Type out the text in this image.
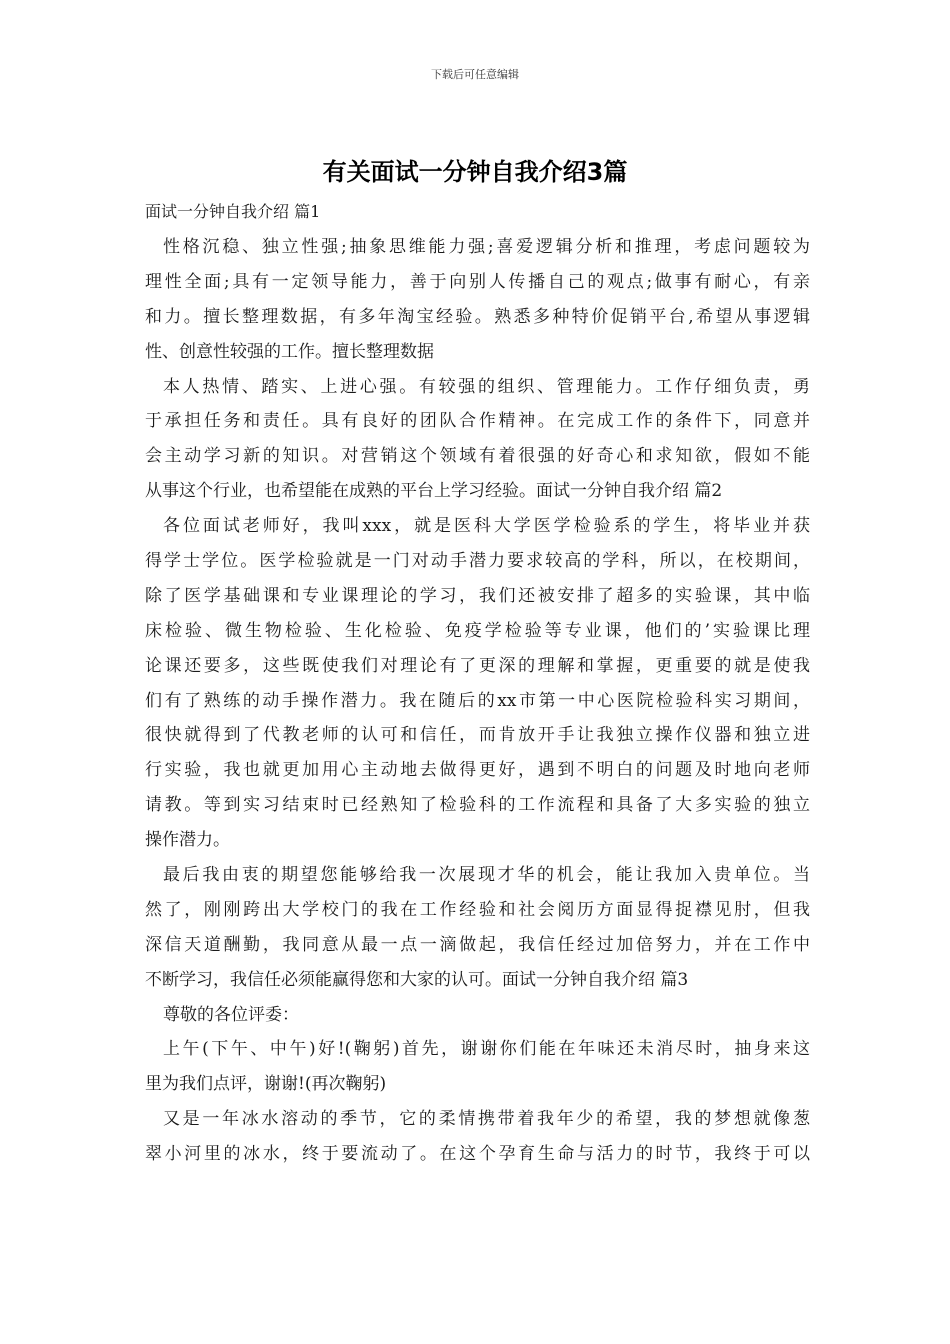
下载后可任意编辑
有关面试一分钟自我介绍3篇
面试一分钟自我介绍 篇1
性格沉稳、独立性强;抽象思维能力强;喜爱逻辑分析和推理，考虑问题较为
理性全面;具有一定领导能力，善于向别人传播自己的观点;做事有耐心，有亲
和力。擅长整理数据，有多年淘宝经验。熟悉多种特价促销平台,希望从事逻辑
性、创意性较强的工作。擅长整理数据
本人热情、踏实、上进心强。有较强的组织、管理能力。工作仔细负责，勇
于承担任务和责任。具有良好的团队合作精神。在完成工作的条件下，同意并
会主动学习新的知识。对营销这个领域有着很强的好奇心和求知欲，假如不能
从事这个行业，也希望能在成熟的平台上学习经验。面试一分钟自我介绍 篇2
各位面试老师好，我叫xxx，就是医科大学医学检验系的学生，将毕业并获
得学士学位。医学检验就是一门对动手潜力要求较高的学科，所以，在校期间，
除了医学基础课和专业课理论的学习，我们还被安排了超多的实验课，其中临
床检验、微生物检验、生化检验、免疫学检验等专业课，他们的’实验课比理
论课还要多，这些既使我们对理论有了更深的理解和掌握，更重要的就是使我
们有了熟练的动手操作潜力。我在随后的xx市第一中心医院检验科实习期间，
很快就得到了代教老师的认可和信任，而肯放开手让我独立操作仪器和独立进
行实验，我也就更加用心主动地去做得更好，遇到不明白的问题及时地向老师
请教。等到实习结束时已经熟知了检验科的工作流程和具备了大多实验的独立
操作潜力。
最后我由衷的期望您能够给我一次展现才华的机会，能让我加入贵单位。当
然了，刚刚跨出大学校门的我在工作经验和社会阅历方面显得捉襟见肘，但我
深信天道酬勤，我同意从最一点一滴做起，我信任经过加倍努力，并在工作中
不断学习，我信任必须能赢得您和大家的认可。面试一分钟自我介绍 篇3
尊敬的各位评委：
上午(下午、中午)好!(鞠躬)首先，谢谢你们能在年味还未消尽时，抽身来这
里为我们点评，谢谢!(再次鞠躬)
又是一年冰水溶动的季节，它的柔情携带着我年少的希望，我的梦想就像葱
翠小河里的冰水，终于要流动了。在这个孕育生命与活力的时节，我终于可以
